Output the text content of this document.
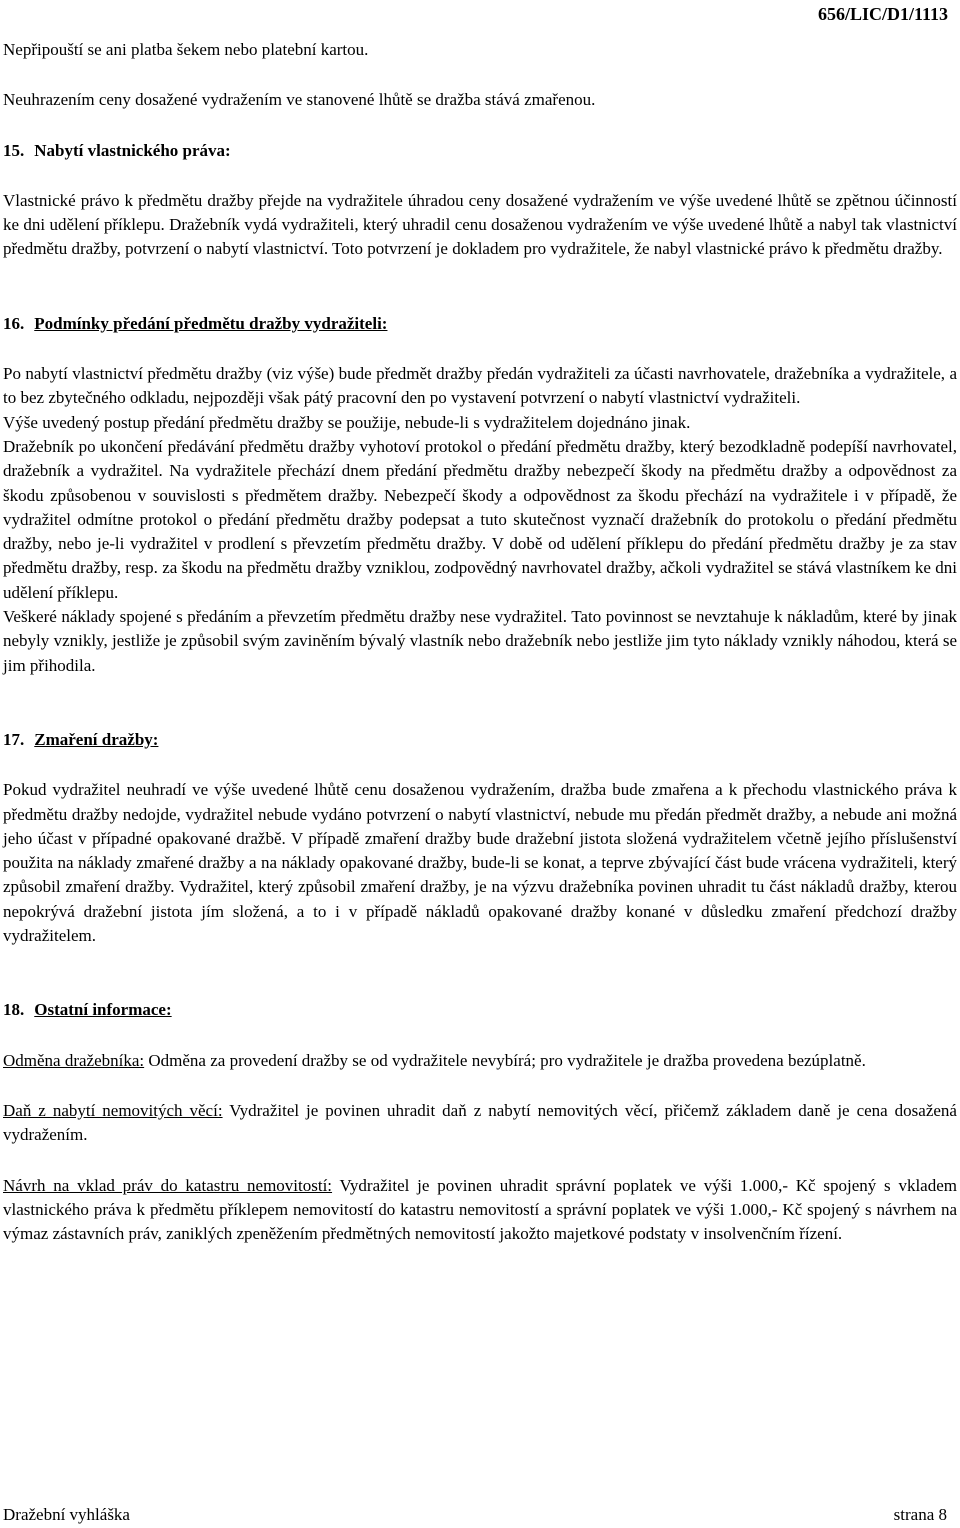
656/LIC/D1/1113

Nepřipouští se ani platba šekem nebo platební kartou.

Neuhrazením ceny dosažené vydražením ve stanovené lhůtě se dražba stává zmařenou.

15. Nabytí vlastnického práva:

Vlastnické právo k předmětu dražby přejde na vydražitele úhradou ceny dosažené vydražením ve výše uvedené lhůtě se zpětnou účinností ke dni udělení příklepu. Dražebník vydá vydražiteli, který uhradil cenu dosaženou vydražením ve výše uvedené lhůtě a nabyl tak vlastnictví předmětu dražby, potvrzení o nabytí vlastnictví. Toto potvrzení je dokladem pro vydražitele, že nabyl vlastnické právo k předmětu dražby.

16. Podmínky předání předmětu dražby vydražiteli:

Po nabytí vlastnictví předmětu dražby (viz výše) bude předmět dražby předán vydražiteli za účasti navrhovatele, dražebníka a vydražitele, a to bez zbytečného odkladu, nejpozději však pátý pracovní den po vystavení potvrzení o nabytí vlastnictví vydražiteli.

Výše uvedený postup předání předmětu dražby se použije, nebude-li s vydražitelem dojednáno jinak.

Dražebník po ukončení předávání předmětu dražby vyhotoví protokol o předání předmětu dražby, který bezodkladně podepíší navrhovatel, dražebník a vydražitel. Na vydražitele přechází dnem předání předmětu dražby nebezpečí škody na předmětu dražby a odpovědnost za škodu způsobenou v souvislosti s předmětem dražby. Nebezpečí škody a odpovědnost za škodu přechází na vydražitele i v případě, že vydražitel odmítne protokol o předání předmětu dražby podepsat a tuto skutečnost vyznačí dražebník do protokolu o předání předmětu dražby, nebo je-li vydražitel v prodlení s převzetím předmětu dražby. V době od udělení příklepu do předání předmětu dražby je za stav předmětu dražby, resp. za škodu na předmětu dražby vzniklou, zodpovědný navrhovatel dražby, ačkoli vydražitel se stává vlastníkem ke dni udělení příklepu.

Veškeré náklady spojené s předáním a převzetím předmětu dražby nese vydražitel. Tato povinnost se nevztahuje k nákladům, které by jinak nebyly vznikly, jestliže je způsobil svým zaviněním bývalý vlastník nebo dražebník nebo jestliže jim tyto náklady vznikly náhodou, která se jim přihodila.

17. Zmaření dražby:

Pokud vydražitel neuhradí ve výše uvedené lhůtě cenu dosaženou vydražením, dražba bude zmařena a k přechodu vlastnického práva k předmětu dražby nedojde, vydražitel nebude vydáno potvrzení o nabytí vlastnictví, nebude mu předán předmět dražby, a nebude ani možná jeho účast v případné opakované dražbě. V případě zmaření dražby bude dražební jistota složená vydražitelem včetně jejího příslušenství použita na náklady zmařené dražby a na náklady opakované dražby, bude-li se konat, a teprve zbývající část bude vrácena vydražiteli, který způsobil zmaření dražby. Vydražitel, který způsobil zmaření dražby, je na výzvu dražebníka povinen uhradit tu část nákladů dražby, kterou nepokrývá dražební jistota jím složená, a to i v případě nákladů opakované dražby konané v důsledku zmaření předchozí dražby vydražitelem.

18. Ostatní informace:

Odměna dražebníka: Odměna za provedení dražby se od vydražitele nevybírá; pro vydražitele je dražba provedena bezúplatně.

Daň z nabytí nemovitých věcí: Vydražitel je povinen uhradit daň z nabytí nemovitých věcí, přičemž základem daně je cena dosažená vydražením.

Návrh na vklad práv do katastru nemovitostí: Vydražitel je povinen uhradit správní poplatek ve výši 1.000,- Kč spojený s vkladem vlastnického práva k předmětu příklepem nemovitostí do katastru nemovitostí a správní poplatek ve výši 1.000,- Kč spojený s návrhem na výmaz zástavních práv, zaniklých zpeněžením předmětných nemovitostí jakožto majetkové podstaty v insolvenčním řízení.

Dražební vyhláška	strana 8
